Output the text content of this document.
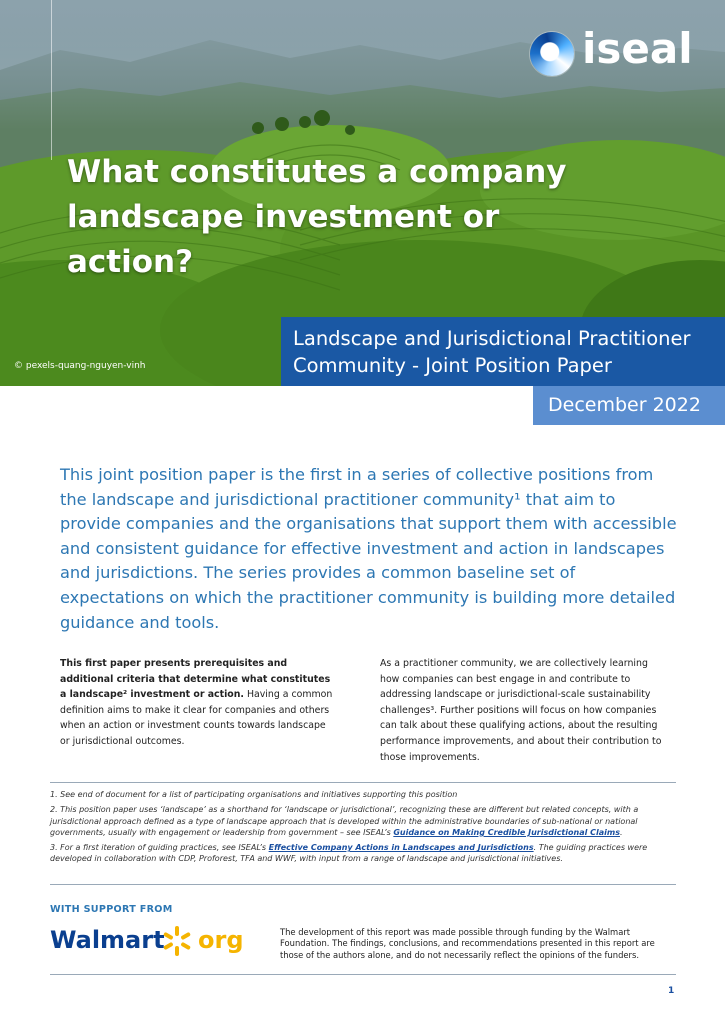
iseal
What constitutes a company landscape investment or action?
© pexels-quang-nguyen-vinh
Landscape and Jurisdictional Practitioner
Community - Joint Position Paper
December 2022

This joint position paper is the first in a series of collective positions from the landscape and jurisdictional practitioner community¹ that aim to provide companies and the organisations that support them with accessible and consistent guidance for effective investment and action in landscapes and jurisdictions. The series provides a common baseline set of expectations on which the practitioner community is building more detailed guidance and tools.

This first paper presents prerequisites and additional criteria that determine what constitutes a landscape² investment or action. Having a common definition aims to make it clear for companies and others when an action or investment counts towards landscape or jurisdictional outcomes.

As a practitioner community, we are collectively learning how companies can best engage in and contribute to addressing landscape or jurisdictional-scale sustainability challenges³. Further positions will focus on how companies can talk about these qualifying actions, about the resulting performance improvements, and about their contribution to those improvements.

1. See end of document for a list of participating organisations and initiatives supporting this position
2. This position paper uses ‘landscape’ as a shorthand for ‘landscape or jurisdictional’, recognizing these are different but related concepts, with a jurisdictional approach defined as a type of landscape approach that is developed within the administrative boundaries of sub-national or national governments, usually with engagement or leadership from government – see ISEAL’s Guidance on Making Credible Jurisdictional Claims.
3. For a first iteration of guiding practices, see ISEAL’s Effective Company Actions in Landscapes and Jurisdictions. The guiding practices were developed in collaboration with CDP, Proforest, TFA and WWF, with input from a range of landscape and jurisdictional initiatives.
WITH SUPPORT FROM
Walmart org	The development of this report was made possible through funding by the Walmart Foundation. The findings, conclusions, and recommendations presented in this report are those of the authors alone, and do not necessarily reflect the opinions of the funders.

1
